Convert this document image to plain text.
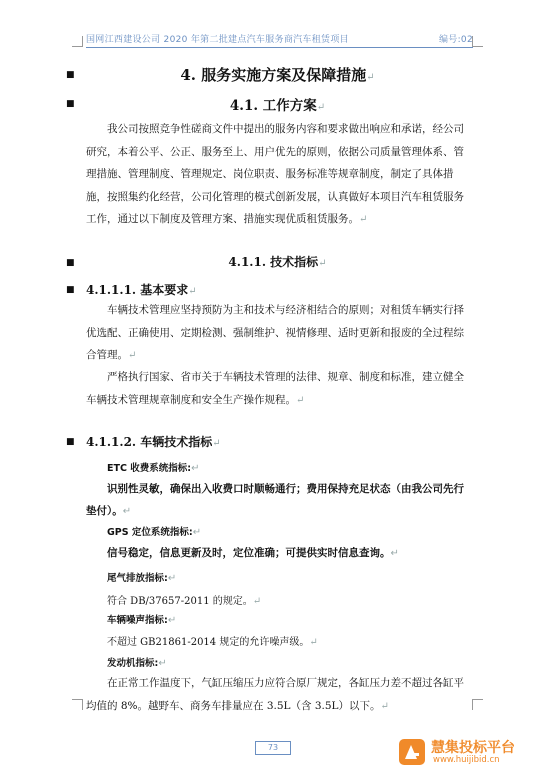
国网江西建设公司 2020 年第二批建点汽车服务商汽车租赁项目	编号:02
■	4. 服务实施方案及保障措施↵
■	4.1. 工作方案↵
我公司按照竞争性磋商文件中提出的服务内容和要求做出响应和承诺，经公司研究，本着公平、公正、服务至上、用户优先的原则，依据公司质量管理体系、管理措施、管理制度、管理规定、岗位职责、服务标准等规章制度，制定了具体措施，按照集约化经营，公司化管理的模式创新发展，认真做好本项目汽车租赁服务工作，通过以下制度及管理方案、措施实现优质租赁服务。↵
■	4.1.1. 技术指标↵
■ 4.1.1.1. 基本要求↵
车辆技术管理应坚持预防为主和技术与经济相结合的原则；对租赁车辆实行择优选配、正确使用、定期检测、强制维护、视情修理、适时更新和报废的全过程综合管理。↵
严格执行国家、省市关于车辆技术管理的法律、规章、制度和标准，建立健全车辆技术管理规章制度和安全生产操作规程。↵
■ 4.1.1.2. 车辆技术指标↵
ETC 收费系统指标:↵
识别性灵敏，确保出入收费口时顺畅通行；费用保持充足状态（由我公司先行垫付）。↵
GPS 定位系统指标:↵
信号稳定，信息更新及时，定位准确；可提供实时信息查询。↵
尾气排放指标:↵
符合 DB/37657-2011 的规定。↵
车辆噪声指标:↵
不超过 GB21861-2014 规定的允许噪声级。↵
发动机指标:↵
在正常工作温度下，气缸压缩压力应符合原厂规定，各缸压力差不超过各缸平均值的 8%。越野车、商务车排量应在 3.5L（含 3.5L）以下。↵
73	慧集投标平台
www.huijibid.cn
